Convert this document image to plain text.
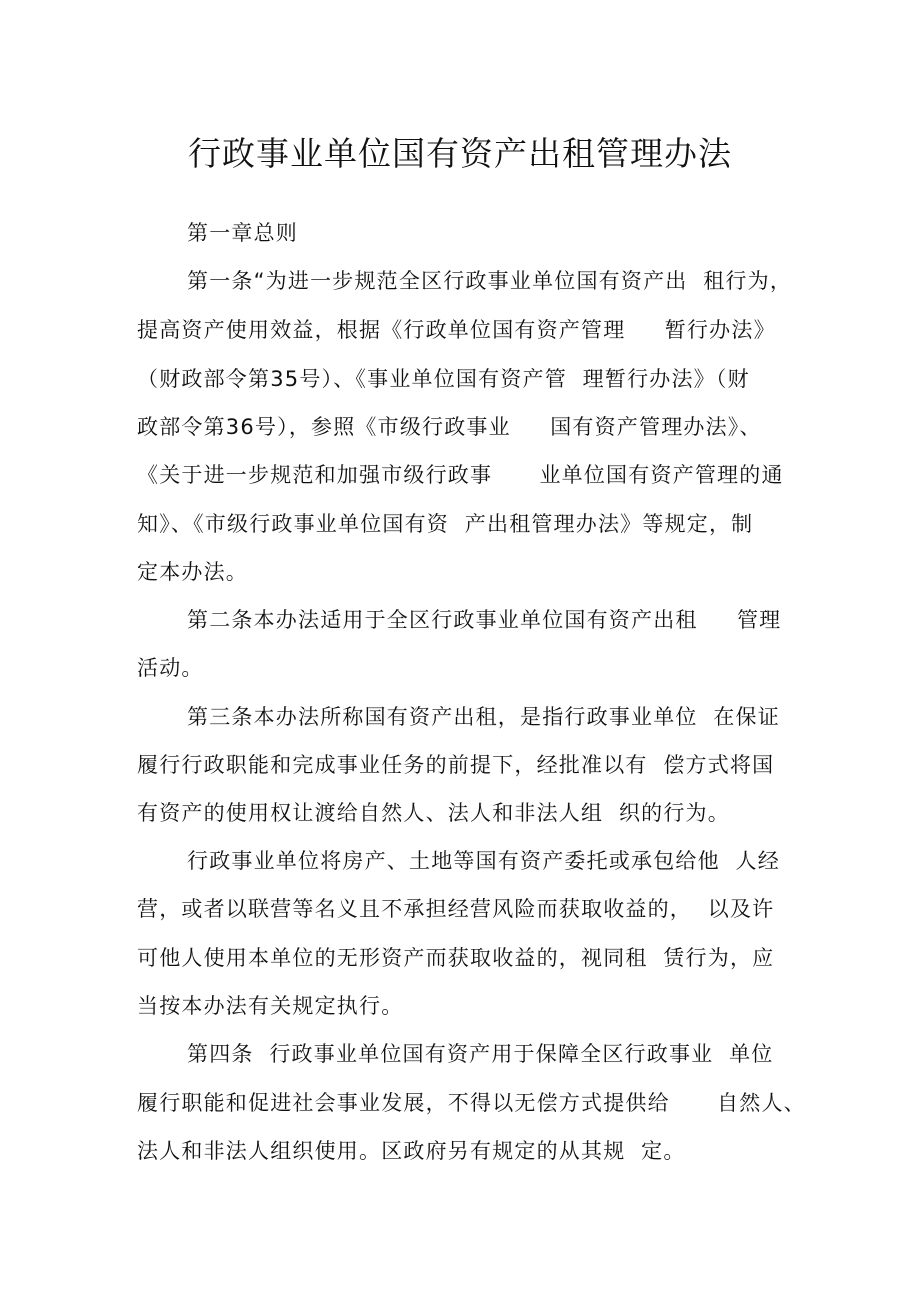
行政事业单位国有资产出租管理办法
第一章总则
第一条“为进一步规范全区行政事业单位国有资产出  租行为，
提高资产使用效益，根据《行政单位国有资产管理     暂行办法》
（财政部令第35号）、《事业单位国有资产管  理暂行办法》（财
政部令第36号），参照《市级行政事业     国有资产管理办法》、
《关于进一步规范和加强市级行政事      业单位国有资产管理的通
知》、《市级行政事业单位国有资  产出租管理办法》等规定，制
定本办法。
第二条本办法适用于全区行政事业单位国有资产出租     管理
活动。
第三条本办法所称国有资产出租，是指行政事业单位  在保证
履行行政职能和完成事业任务的前提下，经批准以有  偿方式将国
有资产的使用权让渡给自然人、法人和非法人组  织的行为。
行政事业单位将房产、土地等国有资产委托或承包给他  人经
营，或者以联营等名义且不承担经营风险而获取收益的，  以及许
可他人使用本单位的无形资产而获取收益的，视同租  赁行为，应
当按本办法有关规定执行。
第四条  行政事业单位国有资产用于保障全区行政事业  单位
履行职能和促进社会事业发展，不得以无偿方式提供给      自然人、
法人和非法人组织使用。区政府另有规定的从其规  定。
